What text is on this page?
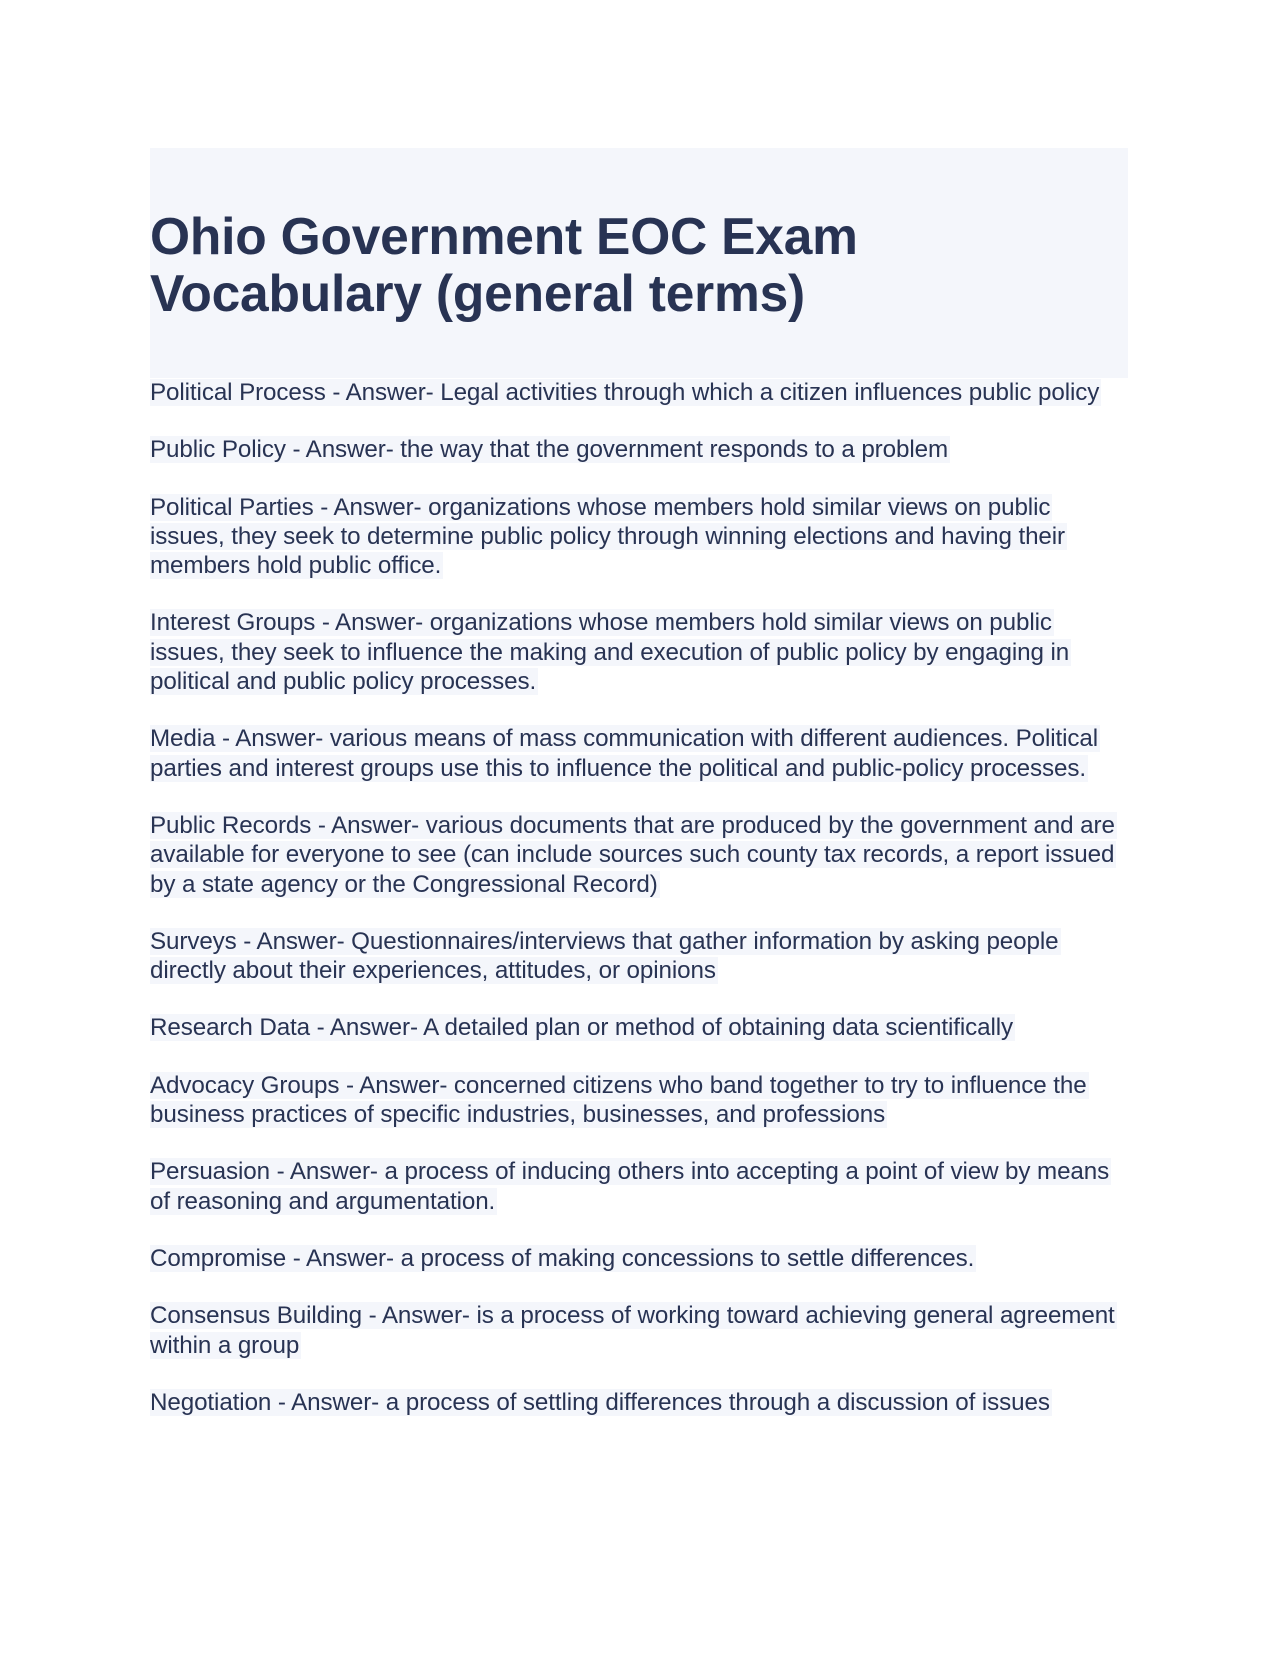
Ohio Government EOC Exam Vocabulary (general terms)

Political Process - Answer- Legal activities through which a citizen influences public policy

Public Policy - Answer- the way that the government responds to a problem

Political Parties - Answer- organizations whose members hold similar views on public issues, they seek to determine public policy through winning elections and having their members hold public office.

Interest Groups - Answer- organizations whose members hold similar views on public issues, they seek to influence the making and execution of public policy by engaging in political and public policy processes.

Media - Answer- various means of mass communication with different audiences. Political parties and interest groups use this to influence the political and public-policy processes.

Public Records - Answer- various documents that are produced by the government and are available for everyone to see (can include sources such county tax records, a report issued by a state agency or the Congressional Record)

Surveys - Answer- Questionnaires/interviews that gather information by asking people directly about their experiences, attitudes, or opinions

Research Data - Answer- A detailed plan or method of obtaining data scientifically

Advocacy Groups - Answer- concerned citizens who band together to try to influence the business practices of specific industries, businesses, and professions

Persuasion - Answer- a process of inducing others into accepting a point of view by means of reasoning and argumentation.

Compromise - Answer- a process of making concessions to settle differences.

Consensus Building - Answer- is a process of working toward achieving general agreement within a group

Negotiation - Answer- a process of settling differences through a discussion of issues
